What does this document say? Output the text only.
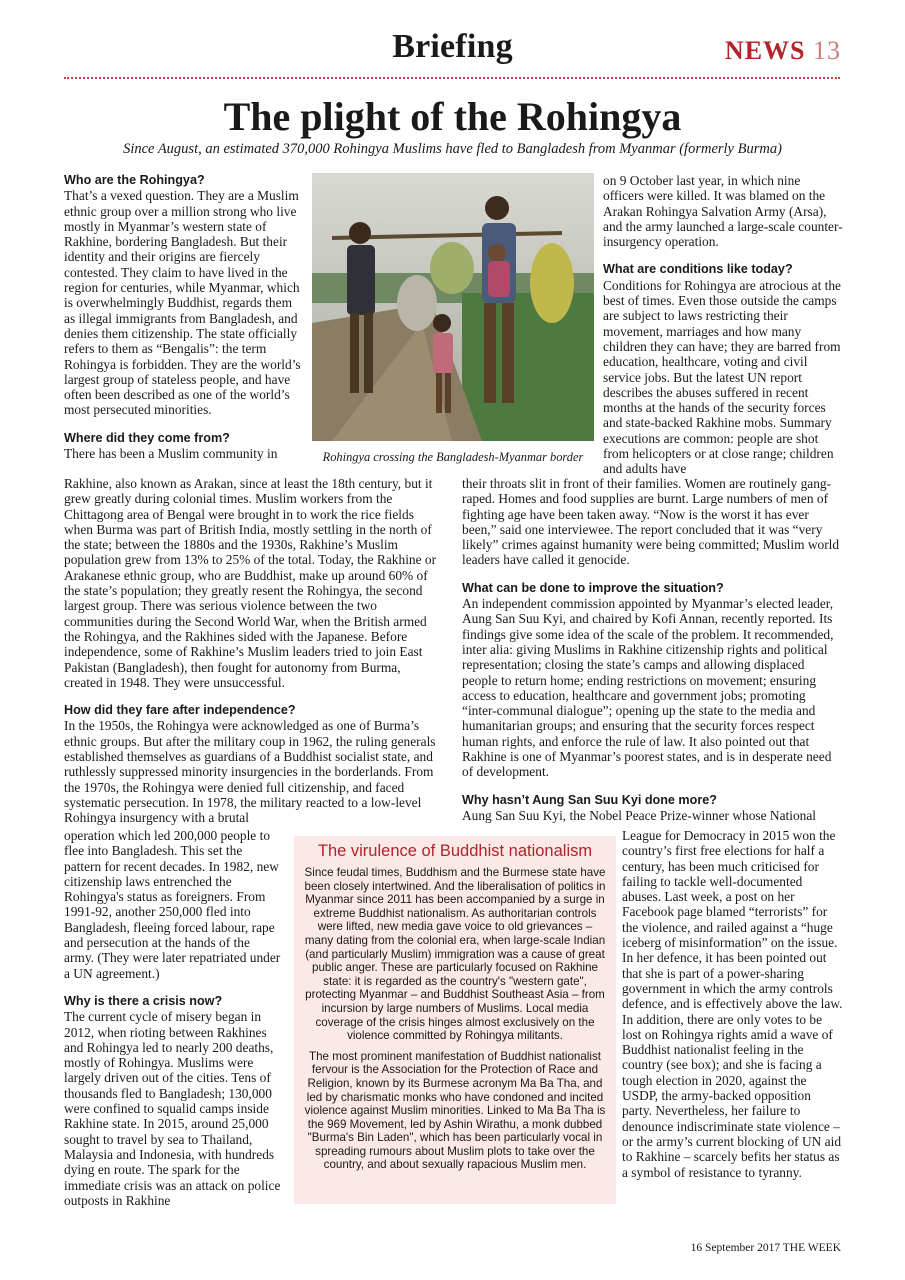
Briefing	NEWS 13
The plight of the Rohingya
Since August, an estimated 370,000 Rohingya Muslims have fled to Bangladesh from Myanmar (formerly Burma)

Who are the Rohingya?

That’s a vexed question. They are a Muslim ethnic group over a million strong who live mostly in Myanmar’s western state of Rakhine, bordering Bangladesh. But their identity and their origins are fiercely contested. They claim to have lived in the region for centuries, while Myanmar, which is overwhelmingly Buddhist, regards them as illegal immigrants from Bangladesh, and denies them citizenship. The state officially refers to them as “Bengalis”: the term Rohingya is forbidden. They are the world’s largest group of stateless people, and have often been described as one of the world’s most persecuted minorities.

Where did they come from?

There has been a Muslim community in	Rohingya crossing the Bangladesh-Myanmar border

on 9 October last year, in which nine officers were killed. It was blamed on the Arakan Rohingya Salvation Army (Arsa), and the army launched a large-scale counter-insurgency operation.

What are conditions like today?

Conditions for Rohingya are atrocious at the best of times. Even those outside the camps are subject to laws restricting their movement, marriages and how many children they can have; they are barred from education, healthcare, voting and civil service jobs. But the latest UN report describes the abuses suffered in recent months at the hands of the security forces and state-backed Rakhine mobs. Summary executions are common: people are shot from helicopters or at close range; children and adults have

Rakhine, also known as Arakan, since at least the 18th century, but it grew greatly during colonial times. Muslim workers from the Chittagong area of Bengal were brought in to work the rice fields when Burma was part of British India, mostly settling in the north of the state; between the 1880s and the 1930s, Rakhine’s Muslim population grew from 13% to 25% of the total. Today, the Rakhine or Arakanese ethnic group, who are Buddhist, make up around 60% of the state’s population; they greatly resent the Rohingya, the second largest group. There was serious violence between the two communities during the Second World War, when the British armed the Rohingya, and the Rakhines sided with the Japanese. Before independence, some of Rakhine’s Muslim leaders tried to join East Pakistan (Bangladesh), then fought for autonomy from Burma, created in 1948. They were unsuccessful.

How did they fare after independence?

In the 1950s, the Rohingya were acknowledged as one of Burma’s ethnic groups. But after the military coup in 1962, the ruling generals established themselves as guardians of a Buddhist socialist state, and ruthlessly suppressed minority insurgencies in the borderlands. From the 1970s, the Rohingya were denied full citizenship, and faced systematic persecution. In 1978, the military reacted to a low-level Rohingya insurgency with a brutal

operation which led 200,000 people to flee into Bangladesh. This set the pattern for recent decades. In 1982, new citizenship laws entrenched the Rohingya's status as foreigners. From 1991-92, another 250,000 fled into Bangladesh, fleeing forced labour, rape and persecution at the hands of the army. (They were later repatriated under a UN agreement.)

Why is there a crisis now?

The current cycle of misery began in 2012, when rioting between Rakhines and Rohingya led to nearly 200 deaths, mostly of Rohingya. Muslims were largely driven out of the cities. Tens of thousands fled to Bangladesh; 130,000 were confined to squalid camps inside Rakhine state. In 2015, around 25,000 sought to travel by sea to Thailand, Malaysia and Indonesia, with hundreds dying en route. The spark for the immediate crisis was an attack on police outposts in Rakhine

their throats slit in front of their families. Women are routinely gang-raped. Homes and food supplies are burnt. Large numbers of men of fighting age have been taken away. “Now is the worst it has ever been,” said one interviewee. The report concluded that it was “very likely” crimes against humanity were being committed; Muslim world leaders have called it genocide.

What can be done to improve the situation?

An independent commission appointed by Myanmar’s elected leader, Aung San Suu Kyi, and chaired by Kofi Annan, recently reported. Its findings give some idea of the scale of the problem. It recommended, inter alia: giving Muslims in Rakhine citizenship rights and political representation; closing the state’s camps and allowing displaced people to return home; ending restrictions on movement; ensuring access to education, healthcare and government jobs; promoting “inter-communal dialogue”; opening up the state to the media and humanitarian groups; and ensuring that the security forces respect human rights, and enforce the rule of law. It also pointed out that Rakhine is one of Myanmar’s poorest states, and is in desperate need of development.

Why hasn’t Aung San Suu Kyi done more?

Aung San Suu Kyi, the Nobel Peace Prize-winner whose National

League for Democracy in 2015 won the country’s first free elections for half a century, has been much criticised for failing to tackle well-documented abuses. Last week, a post on her Facebook page blamed “terrorists” for the violence, and railed against a “huge iceberg of misinformation” on the issue. In her defence, it has been pointed out that she is part of a power-sharing government in which the army controls defence, and is effectively above the law. In addition, there are only votes to be lost on Rohingya rights amid a wave of Buddhist nationalist feeling in the country (see box); and she is facing a tough election in 2020, against the USDP, the army-backed opposition party. Nevertheless, her failure to denounce indiscriminate state violence – or the army’s current blocking of UN aid to Rakhine – scarcely befits her status as a symbol of resistance to tyranny.

The virulence of Buddhist nationalism

Since feudal times, Buddhism and the Burmese state have been closely intertwined. And the liberalisation of politics in Myanmar since 2011 has been accompanied by a surge in extreme Buddhist nationalism. As authoritarian controls were lifted, new media gave voice to old grievances – many dating from the colonial era, when large-scale Indian (and particularly Muslim) immigration was a cause of great public anger. These are particularly focused on Rakhine state: it is regarded as the country's "western gate", protecting Myanmar – and Buddhist Southeast Asia – from incursion by large numbers of Muslims. Local media coverage of the crisis hinges almost exclusively on the violence committed by Rohingya militants.

The most prominent manifestation of Buddhist nationalist fervour is the Association for the Protection of Race and Religion, known by its Burmese acronym Ma Ba Tha, and led by charismatic monks who have condoned and incited violence against Muslim minorities. Linked to Ma Ba Tha is the 969 Movement, led by Ashin Wirathu, a monk dubbed "Burma's Bin Laden", which has been particularly vocal in spreading rumours about Muslim plots to take over the country, and about sexually rapacious Muslim men.

16 September 2017 THE WEEK
